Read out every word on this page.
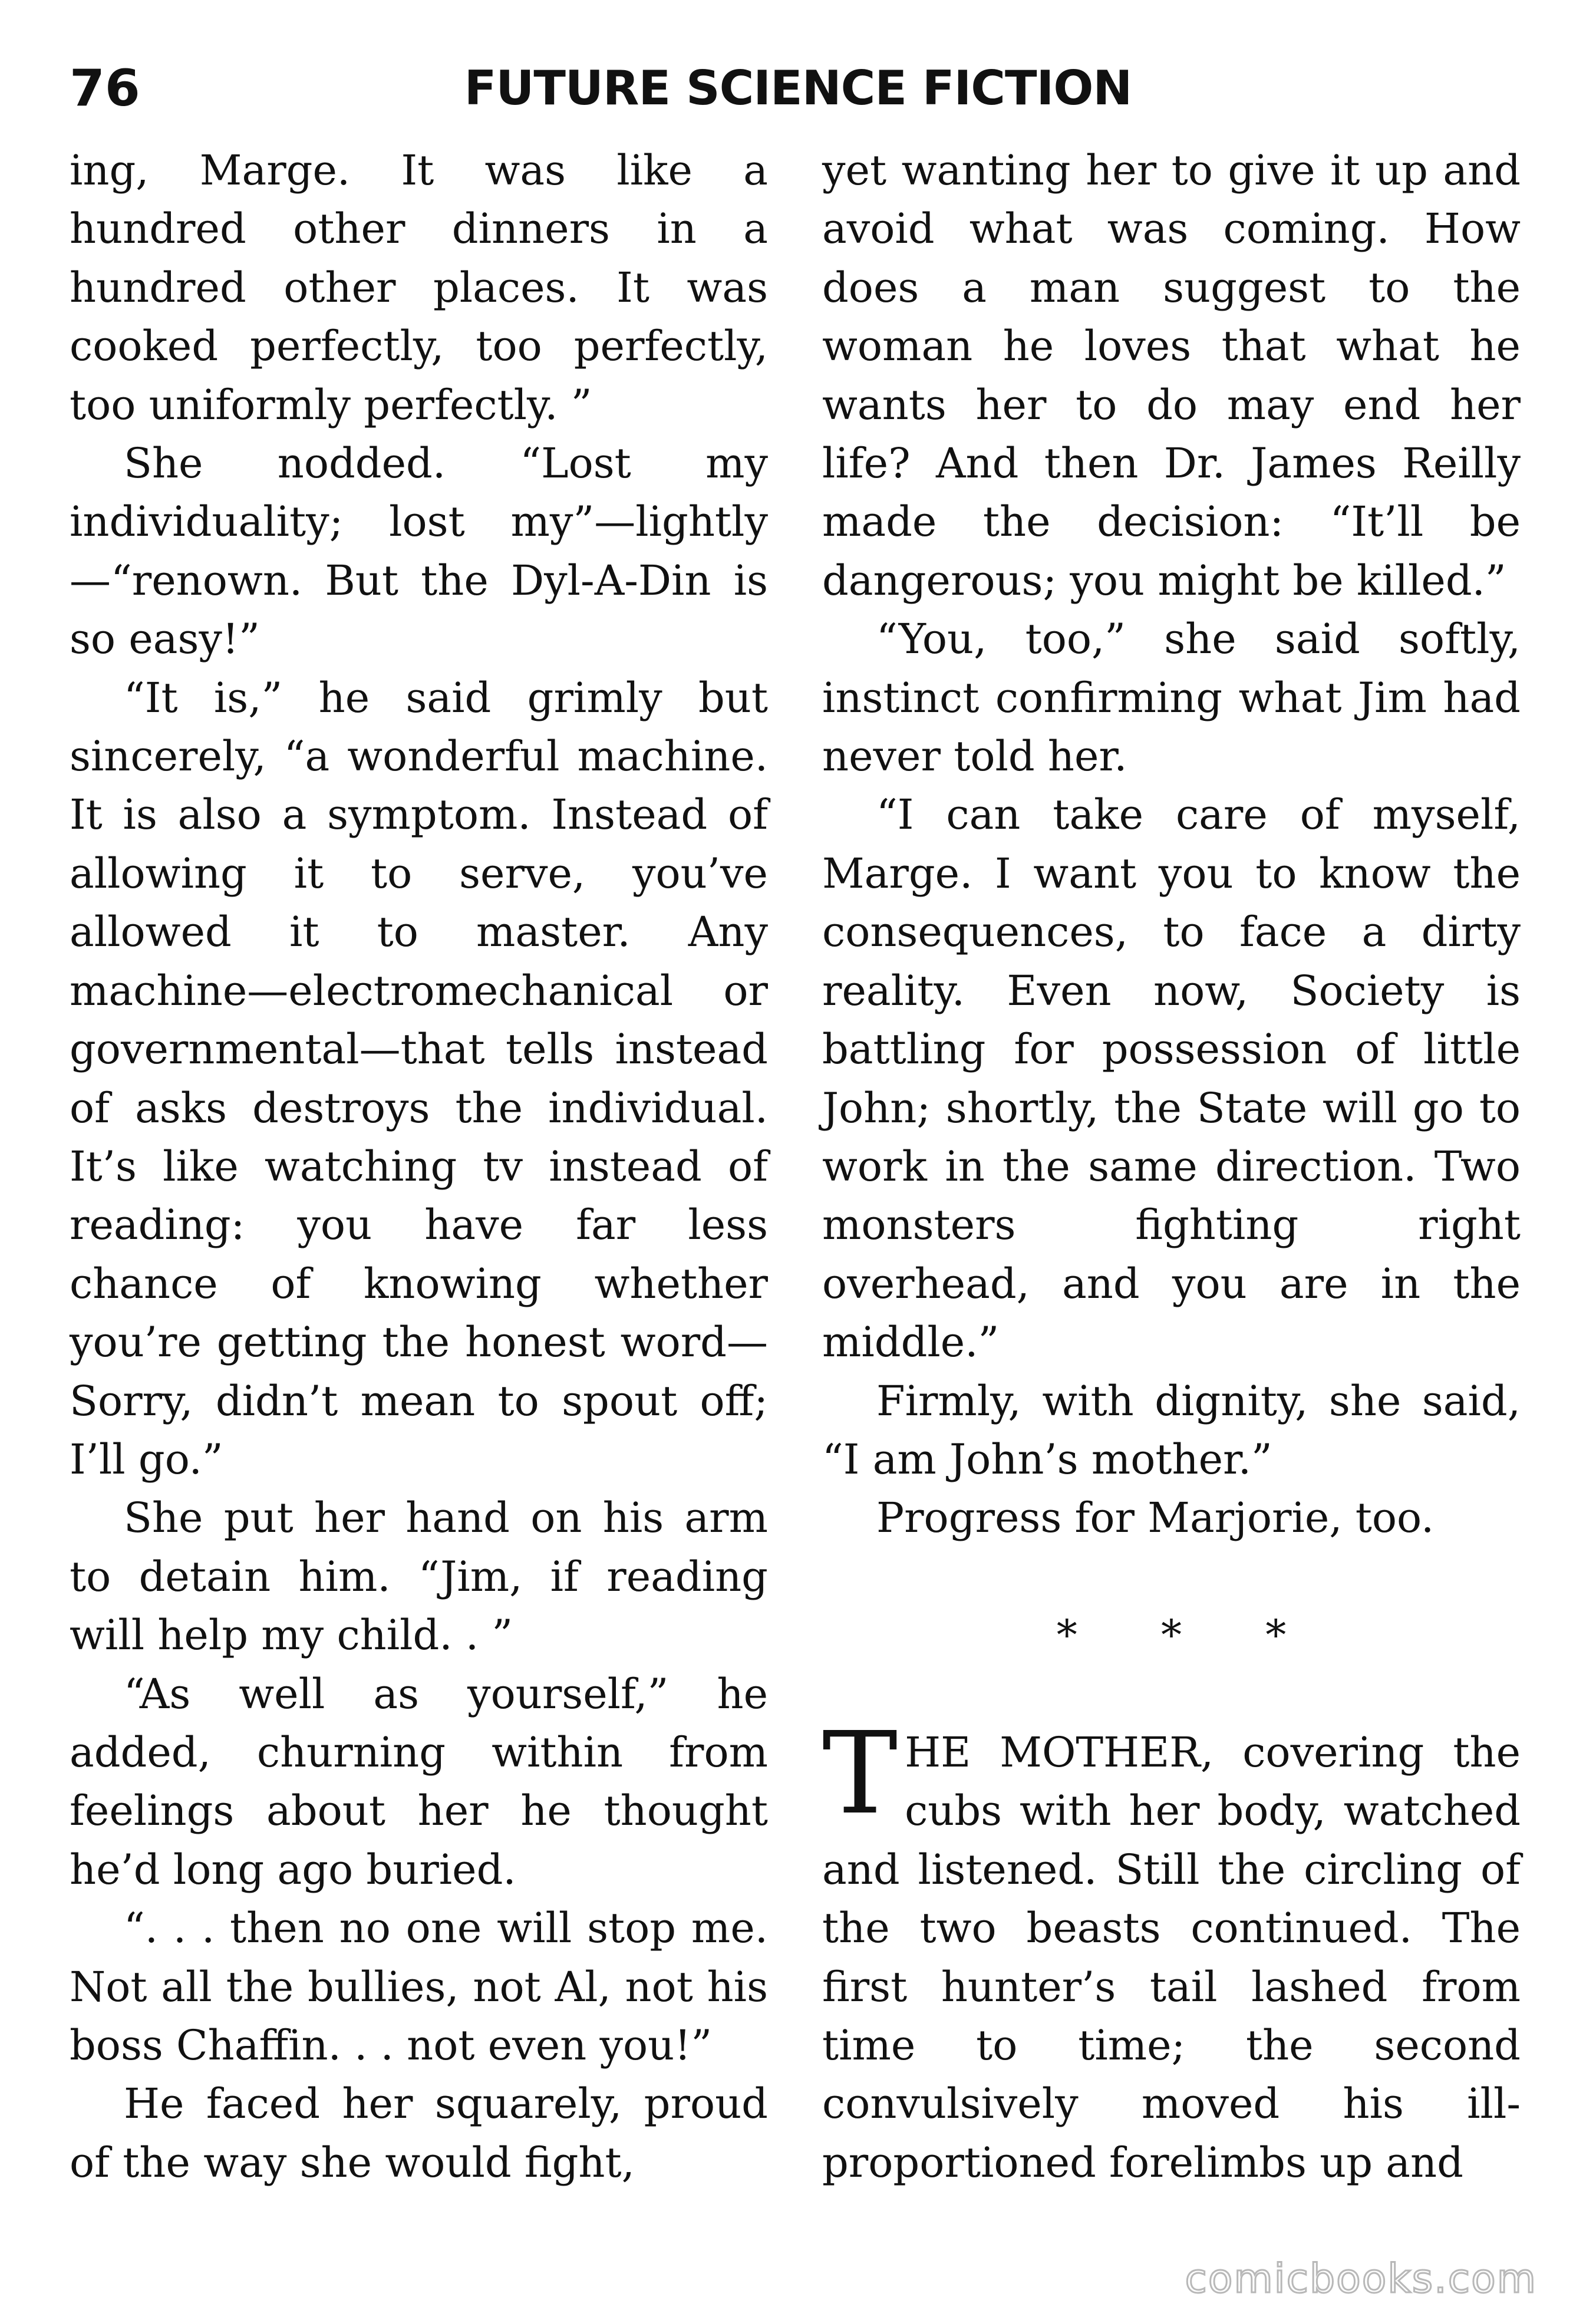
76	FUTURE SCIENCE FICTION

ing, Marge. It was like a hundred other dinners in a hundred other places. It was cooked perfectly, too perfectly, too uniformly perfectly. ”

She nodded. “Lost my individuality; lost my”—lightly—“renown. But the Dyl-A-Din is so easy!”

“It is,” he said grimly but sincerely, “a wonderful machine. It is also a symptom. Instead of allowing it to serve, you’ve allowed it to master. Any machine—electromechanical or governmental—that tells instead of asks destroys the individual. It’s like watching tv instead of reading: you have far less chance of knowing whether you’re getting the honest word— Sorry, didn’t mean to spout off; I’ll go.”

She put her hand on his arm to detain him. “Jim, if reading will help my child. . ”

“As well as yourself,” he added, churning within from feelings about her he thought he’d long ago buried.

“. . . then no one will stop me. Not all the bullies, not Al, not his boss Chaffin. . . not even you!”

He faced her squarely, proud of the way she would fight,

yet wanting her to give it up and avoid what was coming. How does a man suggest to the woman he loves that what he wants her to do may end her life? And then Dr. James Reilly made the decision: “It’ll be dangerous; you might be killed.”

“You, too,” she said softly, instinct confirming what Jim had never told her.

“I can take care of myself, Marge. I want you to know the consequences, to face a dirty reality. Even now, Society is battling for possession of little John; shortly, the State will go to work in the same direction. Two monsters fighting right overhead, and you are in the middle.”

Firmly, with dignity, she said, “I am John’s mother.”

Progress for Marjorie, too.

* * *

THE MOTHER, covering the cubs with her body, watched and listened. Still the circling of the two beasts continued. The first hunter’s tail lashed from time to time; the second convulsively moved his ill-proportioned forelimbs up and

comicbooks.com
